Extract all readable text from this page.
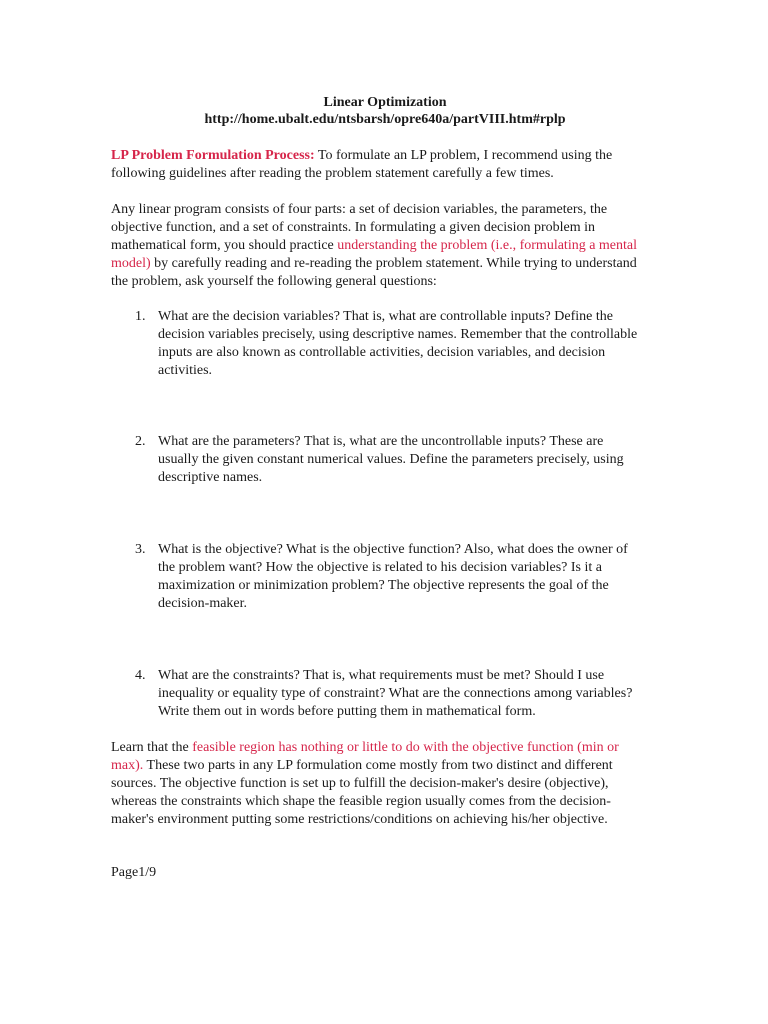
Linear Optimization
http://home.ubalt.edu/ntsbarsh/opre640a/partVIII.htm#rplp

LP Problem Formulation Process: To formulate an LP problem, I recommend using the following guidelines after reading the problem statement carefully a few times.

Any linear program consists of four parts: a set of decision variables, the parameters, the objective function, and a set of constraints. In formulating a given decision problem in mathematical form, you should practice understanding the problem (i.e., formulating a mental model) by carefully reading and re-reading the problem statement. While trying to understand the problem, ask yourself the following general questions:

1. What are the decision variables? That is, what are controllable inputs? Define the decision variables precisely, using descriptive names. Remember that the controllable inputs are also known as controllable activities, decision variables, and decision activities.
2. What are the parameters? That is, what are the uncontrollable inputs? These are usually the given constant numerical values. Define the parameters precisely, using descriptive names.
3. What is the objective? What is the objective function? Also, what does the owner of the problem want? How the objective is related to his decision variables? Is it a maximization or minimization problem? The objective represents the goal of the decision-maker.
4. What are the constraints? That is, what requirements must be met? Should I use inequality or equality type of constraint? What are the connections among variables? Write them out in words before putting them in mathematical form.

Learn that the feasible region has nothing or little to do with the objective function (min or max). These two parts in any LP formulation come mostly from two distinct and different sources. The objective function is set up to fulfill the decision-maker's desire (objective), whereas the constraints which shape the feasible region usually comes from the decision-maker's environment putting some restrictions/conditions on achieving his/her objective.

Page1/9
